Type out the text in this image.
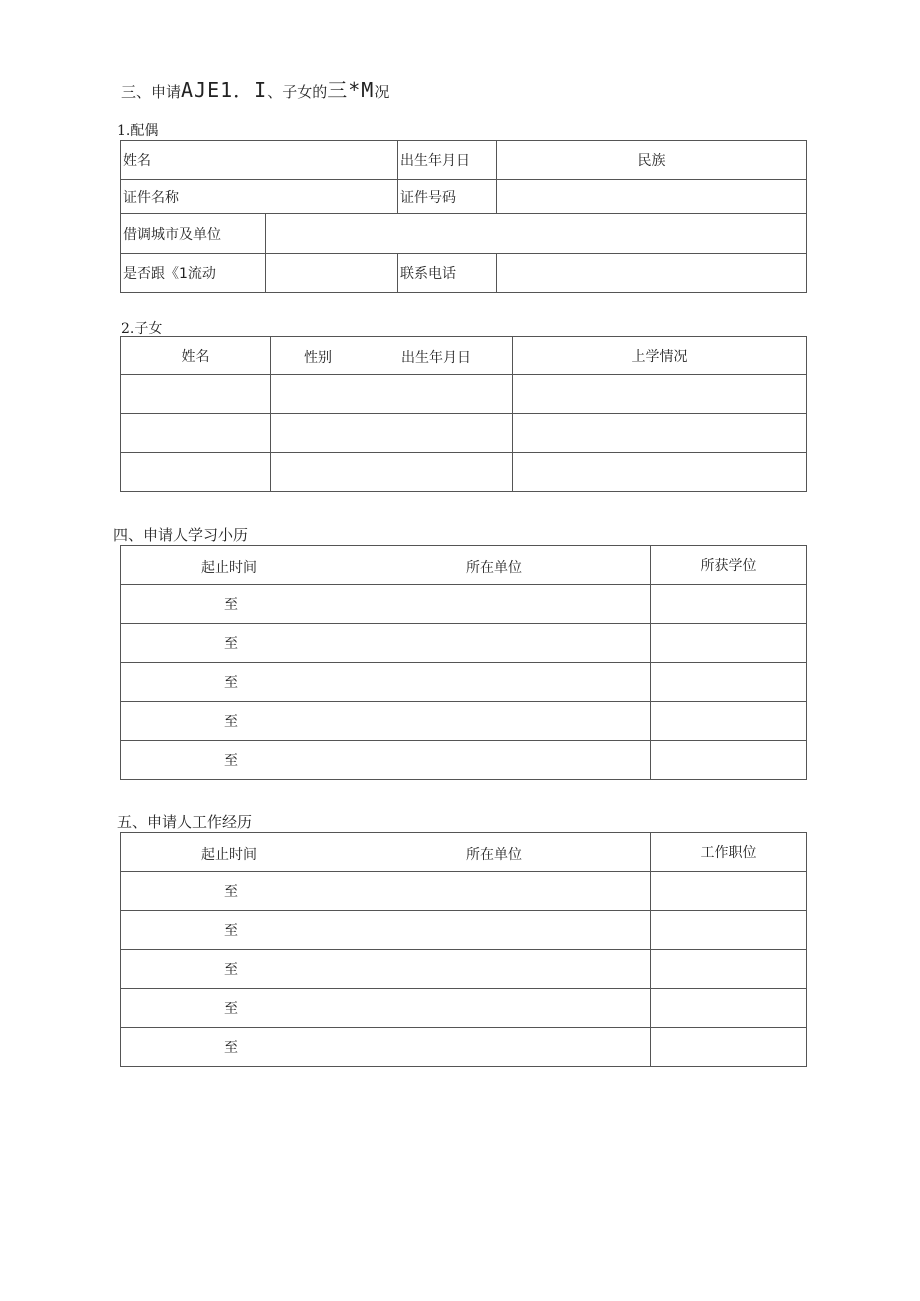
三、申请AJE1．I、子女的三*M况
1.配偶
姓名		出生年月日	民族
证件名称		证件号码	
借调城市及单位			
是否跟《1流动		联系电话	
2.子女
姓名	性别 出生年月日	上学情况

四、申请人学习小历
起止时间 所在单位	所获学位
至	
至	
至	
至	
至	
五、申请人工作经历
起止时间 所在单位	工作职位
至	
至	
至	
至	
至	
